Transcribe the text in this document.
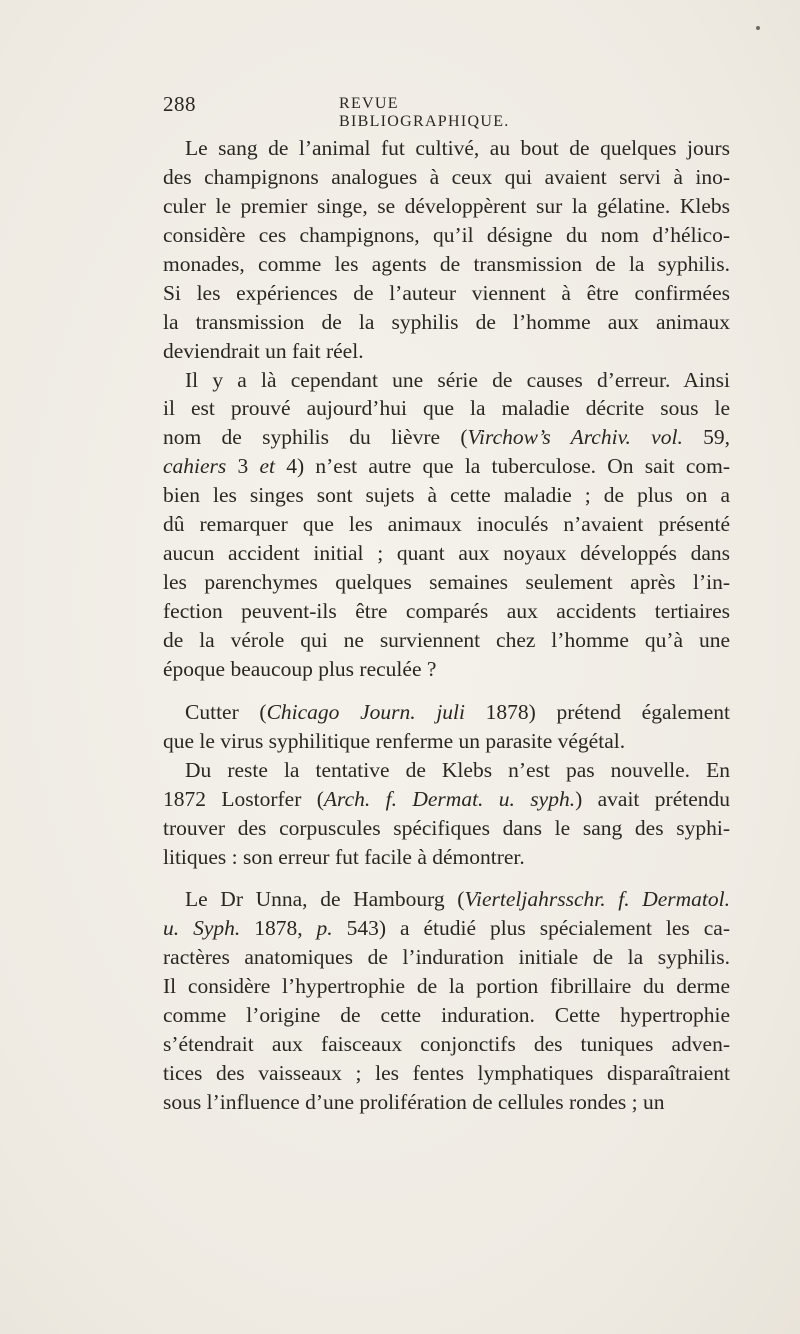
288	REVUE BIBLIOGRAPHIQUE.
Le sang de l’animal fut cultivé, au bout de quelques jours
des champignons analogues à ceux qui avaient servi à ino-
culer le premier singe, se développèrent sur la gélatine. Klebs
considère ces champignons, qu’il désigne du nom d’hélico-
monades, comme les agents de transmission de la syphilis.
Si les expériences de l’auteur viennent à être confirmées
la transmission de la syphilis de l’homme aux animaux
deviendrait un fait réel.
Il y a là cependant une série de causes d’erreur. Ainsi
il est prouvé aujourd’hui que la maladie décrite sous le
nom de syphilis du lièvre (Virchow’s Archiv. vol. 59,
cahiers 3 et 4) n’est autre que la tuberculose. On sait com-
bien les singes sont sujets à cette maladie ; de plus on a
dû remarquer que les animaux inoculés n’avaient présenté
aucun accident initial ; quant aux noyaux développés dans
les parenchymes quelques semaines seulement après l’in-
fection peuvent-ils être comparés aux accidents tertiaires
de la vérole qui ne surviennent chez l’homme qu’à une
époque beaucoup plus reculée ?
Cutter (Chicago Journ. juli 1878) prétend également
que le virus syphilitique renferme un parasite végétal.
Du reste la tentative de Klebs n’est pas nouvelle. En
1872 Lostorfer (Arch. f. Dermat. u. syph.) avait prétendu
trouver des corpuscules spécifiques dans le sang des syphi-
litiques : son erreur fut facile à démontrer.
Le Dr Unna, de Hambourg (Vierteljahrsschr. f. Dermatol.
u. Syph. 1878, p. 543) a étudié plus spécialement les ca-
ractères anatomiques de l’induration initiale de la syphilis.
Il considère l’hypertrophie de la portion fibrillaire du derme
comme l’origine de cette induration. Cette hypertrophie
s’étendrait aux faisceaux conjonctifs des tuniques adven-
tices des vaisseaux ; les fentes lymphatiques disparaîtraient
sous l’influence d’une prolifération de cellules rondes ; un
